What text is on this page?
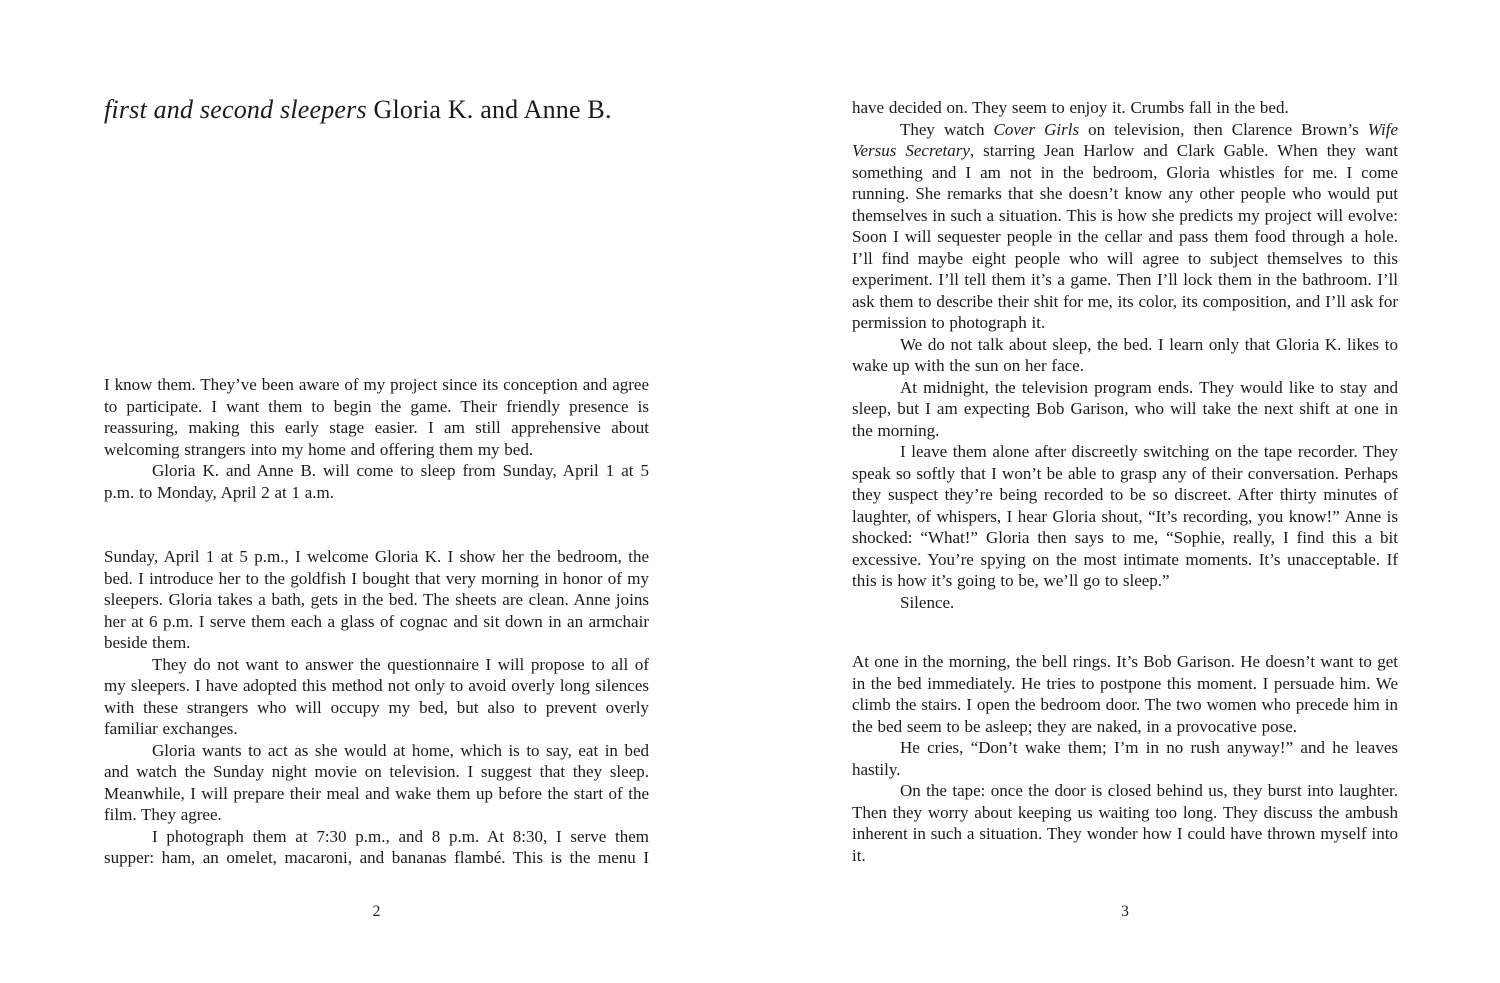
first and second sleepers Gloria K. and Anne B.

I know them. They’ve been aware of my project since its conception and agree to participate. I want them to begin the game. Their friendly presence is reassuring, making this early stage easier. I am still apprehensive about welcoming strangers into my home and offering them my bed.

Gloria K. and Anne B. will come to sleep from Sunday, April 1 at 5 p.m. to Monday, April 2 at 1 a.m.

Sunday, April 1 at 5 p.m., I welcome Gloria K. I show her the bedroom, the bed. I introduce her to the goldfish I bought that very morning in honor of my sleepers. Gloria takes a bath, gets in the bed. The sheets are clean. Anne joins her at 6 p.m. I serve them each a glass of cognac and sit down in an armchair beside them.

They do not want to answer the questionnaire I will propose to all of my sleepers. I have adopted this method not only to avoid overly long silences with these strangers who will occupy my bed, but also to prevent overly familiar exchanges.

Gloria wants to act as she would at home, which is to say, eat in bed and watch the Sunday night movie on television. I suggest that they sleep. Meanwhile, I will prepare their meal and wake them up before the start of the film. They agree.

I photograph them at 7:30 p.m., and 8 p.m. At 8:30, I serve them supper: ham, an omelet, macaroni, and bananas flambé. This is the menu I

2

have decided on. They seem to enjoy it. Crumbs fall in the bed.

They watch Cover Girls on television, then Clarence Brown’s Wife Versus Secretary, starring Jean Harlow and Clark Gable. When they want something and I am not in the bedroom, Gloria whistles for me. I come running. She remarks that she doesn’t know any other people who would put themselves in such a situation. This is how she predicts my project will evolve: Soon I will sequester people in the cellar and pass them food through a hole. I’ll find maybe eight people who will agree to subject themselves to this experiment. I’ll tell them it’s a game. Then I’ll lock them in the bathroom. I’ll ask them to describe their shit for me, its color, its composition, and I’ll ask for permission to photograph it.

We do not talk about sleep, the bed. I learn only that Gloria K. likes to wake up with the sun on her face.

At midnight, the television program ends. They would like to stay and sleep, but I am expecting Bob Garison, who will take the next shift at one in the morning.

I leave them alone after discreetly switching on the tape recorder. They speak so softly that I won’t be able to grasp any of their conversation. Perhaps they suspect they’re being recorded to be so discreet. After thirty minutes of laughter, of whispers, I hear Gloria shout, “It’s recording, you know!” Anne is shocked: “What!” Gloria then says to me, “Sophie, really, I find this a bit excessive. You’re spying on the most intimate moments. It’s unacceptable. If this is how it’s going to be, we’ll go to sleep.”

Silence.

At one in the morning, the bell rings. It’s Bob Garison. He doesn’t want to get in the bed immediately. He tries to postpone this moment. I persuade him. We climb the stairs. I open the bedroom door. The two women who precede him in the bed seem to be asleep; they are naked, in a provocative pose.

He cries, “Don’t wake them; I’m in no rush anyway!” and he leaves hastily.

On the tape: once the door is closed behind us, they burst into laughter. Then they worry about keeping us waiting too long. They discuss the ambush inherent in such a situation. They wonder how I could have thrown myself into it.

3
